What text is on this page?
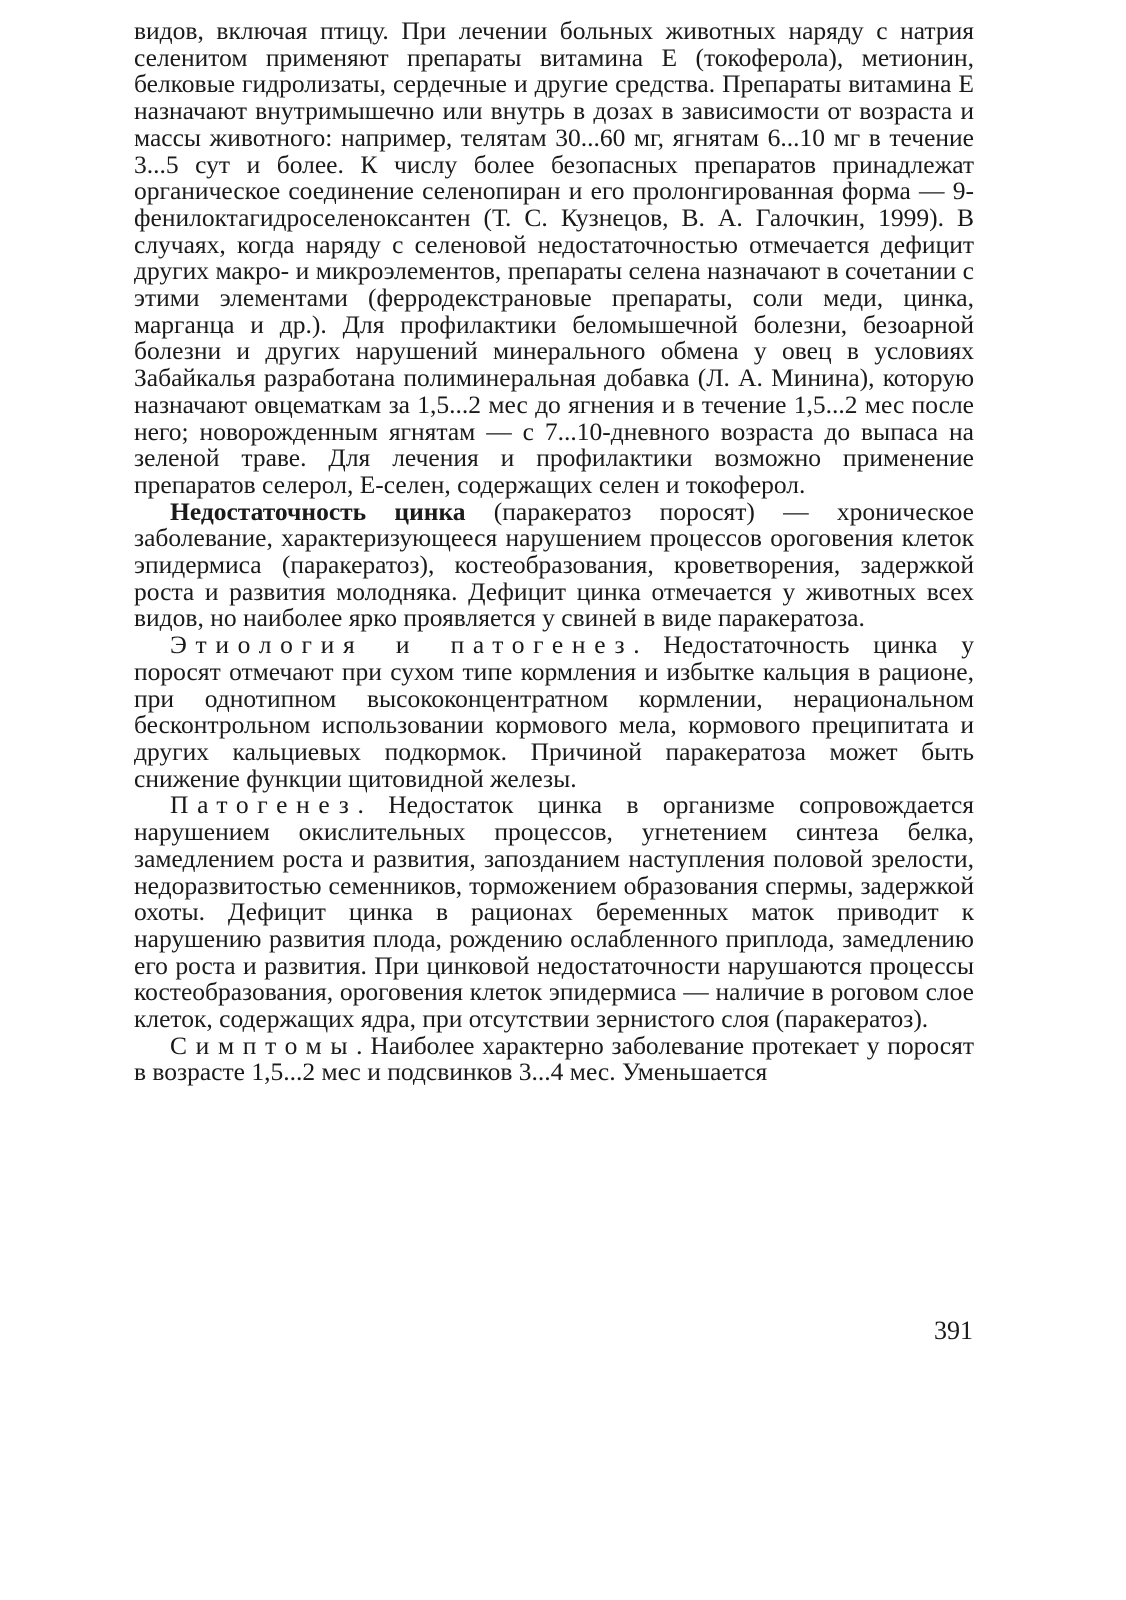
видов, включая птицу. При лечении больных животных наряду с натрия селенитом применяют препараты витамина E (токоферола), метионин, белковые гидролизаты, сердечные и другие средства. Препараты витамина E назначают внутримышечно или внутрь в дозах в зависимости от возраста и массы животного: например, телятам 30...60 мг, ягнятам 6...10 мг в течение 3...5 сут и более. К числу более безопасных препаратов принадлежат органическое соединение селенопиран и его пролонгированная форма — 9-фенилоктагидроселеноксантен (Т. С. Кузнецов, В. А. Галочкин, 1999). В случаях, когда наряду с селеновой недостаточностью отмечается дефицит других макро- и микроэлементов, препараты селена назначают в сочетании с этими элементами (ферродекстрановые препараты, соли меди, цинка, марганца и др.). Для профилактики беломышечной болезни, безоарной болезни и других нарушений минерального обмена у овец в условиях Забайкалья разработана полиминеральная добавка (Л. А. Минина), которую назначают овцематкам за 1,5...2 мес до ягнения и в течение 1,5...2 мес после него; новорожденным ягнятам — с 7...10-дневного возраста до выпаса на зеленой траве. Для лечения и профилактики возможно применение препаратов селерол, E-селен, содержащих селен и токоферол.

Недостаточность цинка (паракератоз поросят) — хроническое заболевание, характеризующееся нарушением процессов ороговения клеток эпидермиса (паракератоз), костеобразования, кроветворения, задержкой роста и развития молодняка. Дефицит цинка отмечается у животных всех видов, но наиболее ярко проявляется у свиней в виде паракератоза.

Этиология и патогенез. Недостаточность цинка у поросят отмечают при сухом типе кормления и избытке кальция в рационе, при однотипном высококонцентратном кормлении, нерациональном бесконтрольном использовании кормового мела, кормового преципитата и других кальциевых подкормок. Причиной паракератоза может быть снижение функции щитовидной железы.

Патогенез. Недостаток цинка в организме сопровождается нарушением окислительных процессов, угнетением синтеза белка, замедлением роста и развития, запозданием наступления половой зрелости, недоразвитостью семенников, торможением образования спермы, задержкой охоты. Дефицит цинка в рационах беременных маток приводит к нарушению развития плода, рождению ослабленного приплода, замедлению его роста и развития. При цинковой недостаточности нарушаются процессы костеобразования, ороговения клеток эпидермиса — наличие в роговом слое клеток, содержащих ядра, при отсутствии зернистого слоя (паракератоз).

Симптомы. Наиболее характерно заболевание протекает у поросят в возрасте 1,5...2 мес и подсвинков 3...4 мес. Уменьшается

391
